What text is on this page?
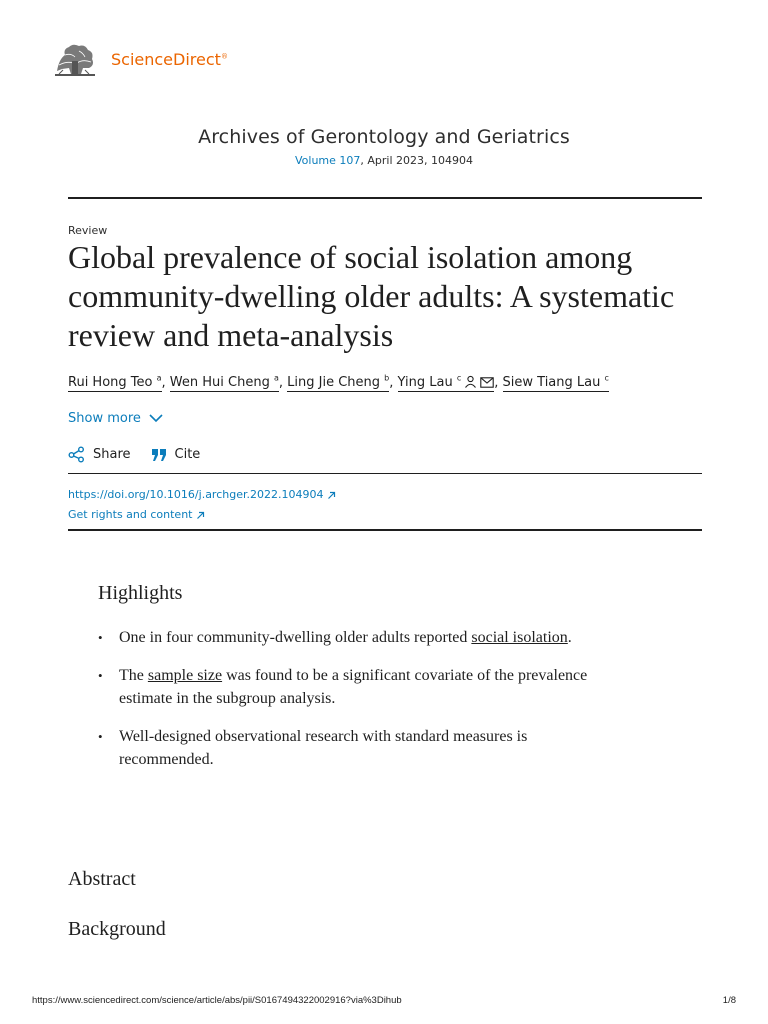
ScienceDirect®
Archives of Gerontology and Geriatrics
Volume 107, April 2023, 104904
Review
Global prevalence of social isolation among community-dwelling older adults: A systematic review and meta-analysis
Rui Hong Teo $^a$, Wen Hui Cheng $^a$, Ling Jie Cheng $^b$, Ying Lau $^c$	, Siew Tiang Lau $^c$
Show more
Share	Cite
https://doi.org/10.1016/j.archger.2022.104904
Get rights and content
Highlights
• One in four community-dwelling older adults reported social isolation.
• The sample size was found to be a significant covariate of the prevalence estimate in the subgroup analysis.
• Well-designed observational research with standard measures is recommended.
Abstract
Background
https://www.sciencedirect.com/science/article/abs/pii/S0167494322002916?via%3Dihub	1/8
